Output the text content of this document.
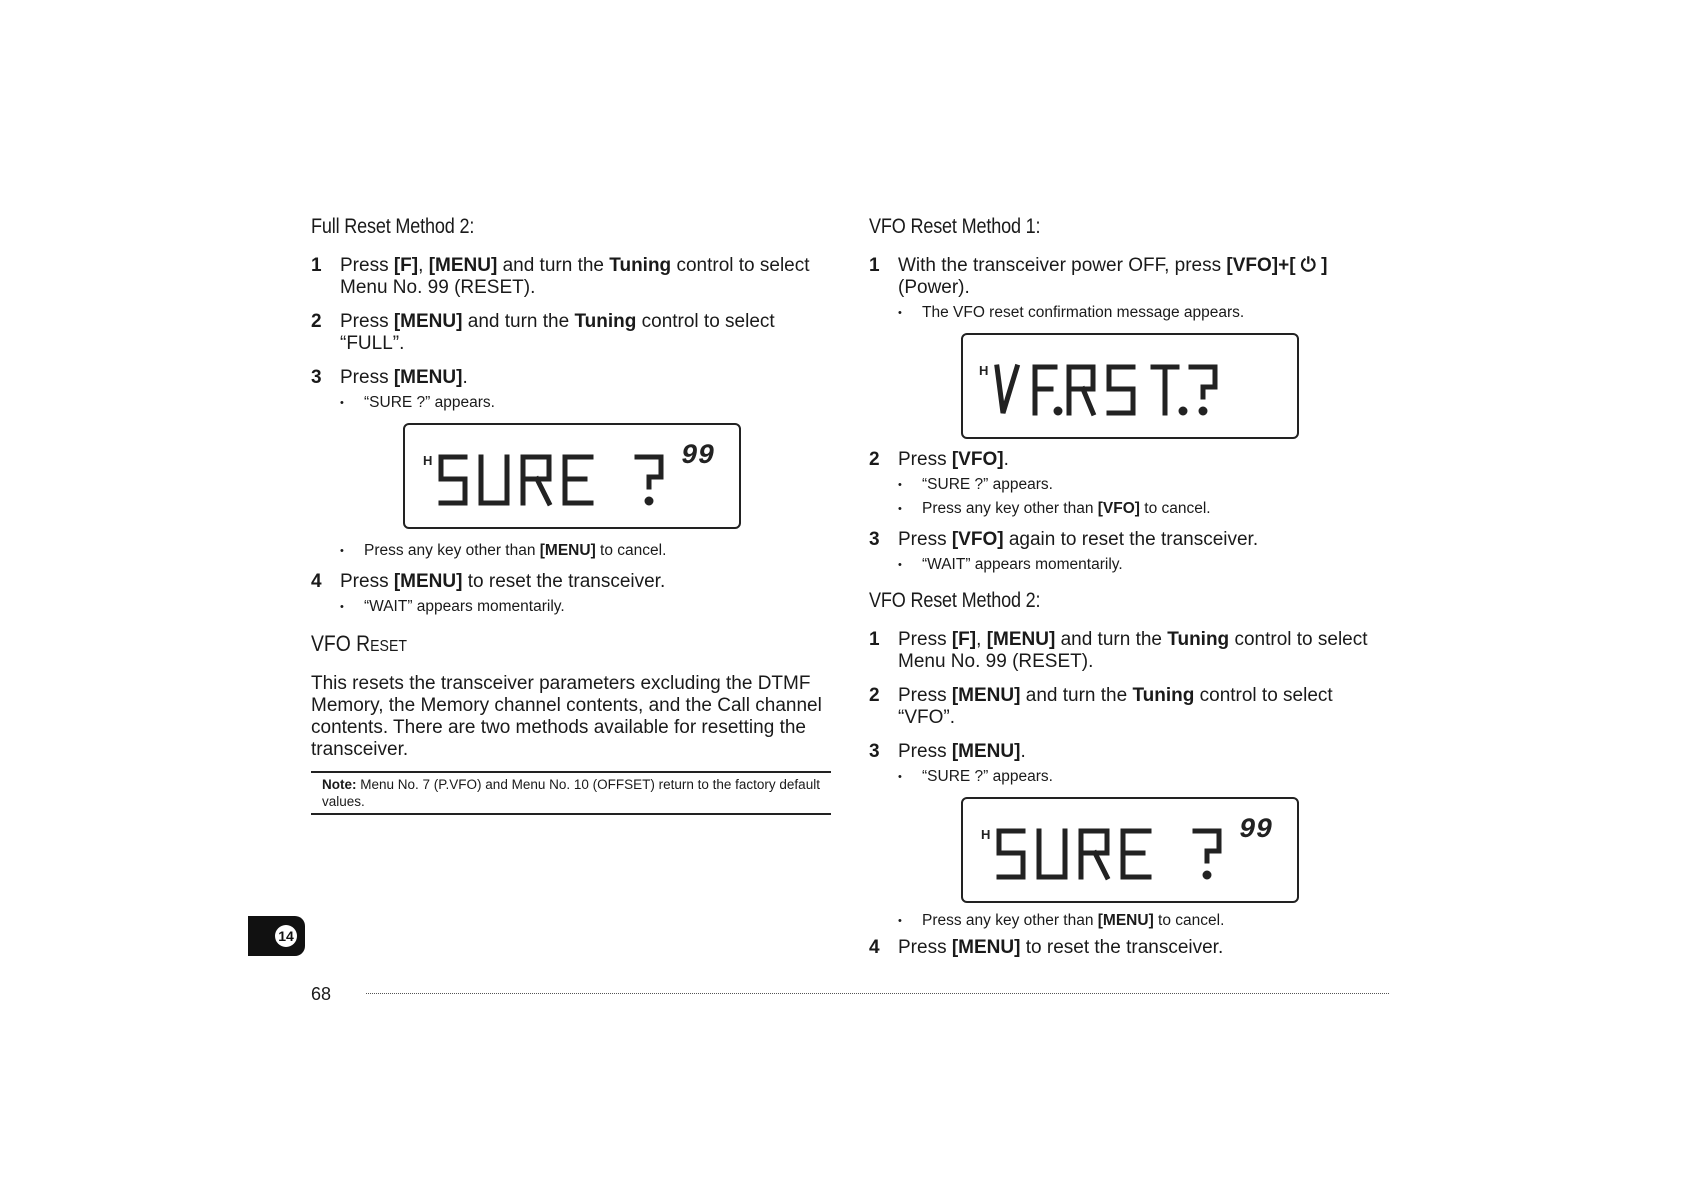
Full Reset Method 2:
1 Press [F], [MENU] and turn the Tuning control to select Menu No. 99 (RESET).
2 Press [MENU] and turn the Tuning control to select “FULL”.
3 Press [MENU].
• “SURE ?” appears.
H	99
• Press any key other than [MENU] to cancel.
4 Press [MENU] to reset the transceiver.
• “WAIT” appears momentarily.
VFO RESET
This resets the transceiver parameters excluding the DTMF Memory, the Memory channel contents, and the Call channel contents. There are two methods available for resetting the transceiver.
Note: Menu No. 7 (P.VFO) and Menu No. 10 (OFFSET) return to the factory default values.
VFO Reset Method 1:
1 With the transceiver power OFF, press [VFO]+[ ⏻ ] (Power).
• The VFO reset confirmation message appears.
H
2 Press [VFO].
• “SURE ?” appears.
• Press any key other than [VFO] to cancel.
3 Press [VFO] again to reset the transceiver.
• “WAIT” appears momentarily.
VFO Reset Method 2:
1 Press [F], [MENU] and turn the Tuning control to select Menu No. 99 (RESET).
2 Press [MENU] and turn the Tuning control to select “VFO”.
3 Press [MENU].
• “SURE ?” appears.
H	99
• Press any key other than [MENU] to cancel.
4 Press [MENU] to reset the transceiver.
14
68
